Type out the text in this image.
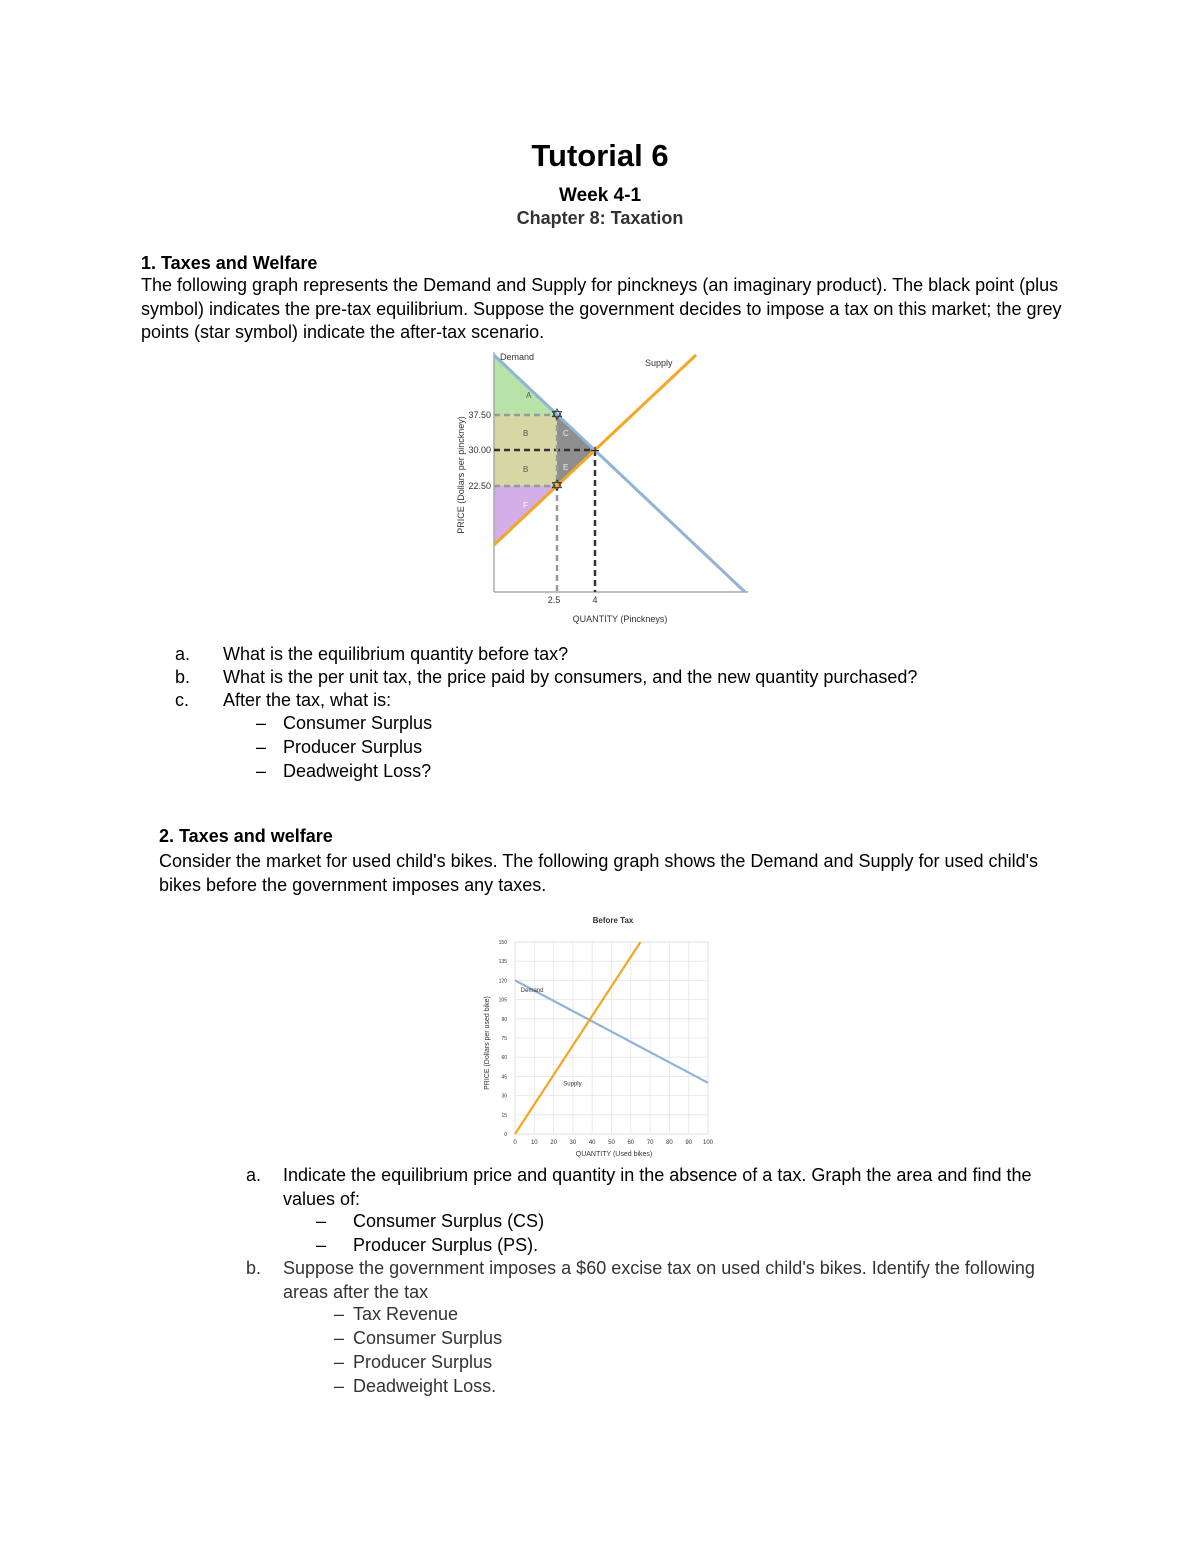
Tutorial 6
Week 4-1
Chapter 8: Taxation
1. Taxes and Welfare
The following graph represents the Demand and Supply for pinckneys (an imaginary product). The black point (plus symbol) indicates the pre-tax equilibrium. Suppose the government decides to impose a tax on this market; the grey points (star symbol) indicate the after-tax scenario.
✡
✡
+
Demand
Supply
37.50
30.00
22.50
2.5	4
QUANTITY (Pinckneys)
PRICE (Dollars per pinckney)
A
B	C
B	E
F
a. What is the equilibrium quantity before tax?
b. What is the per unit tax, the price paid by consumers, and the new quantity purchased?
c. After the tax, what is:
– Consumer Surplus
– Producer Surplus
– Deadweight Loss?
2. Taxes and welfare
Consider the market for used child's bikes. The following graph shows the Demand and Supply for used child's bikes before the government imposes any taxes.
Before Tax
0 10 20 30 40 50 60 70 80 90 100
150
135
120
105
90
75
60
45
30
15
0
Demand
Supply
QUANTITY (Used bikes)
PRICE (Dollars per used bike)
a.	Indicate the equilibrium price and quantity in the absence of a tax. Graph the area and find the values of:
– Consumer Surplus (CS)
– Producer Surplus (PS).
b.	Suppose the government imposes a $60 excise tax on used child's bikes. Identify the following areas after the tax
– Tax Revenue
– Consumer Surplus
– Producer Surplus
– Deadweight Loss.
